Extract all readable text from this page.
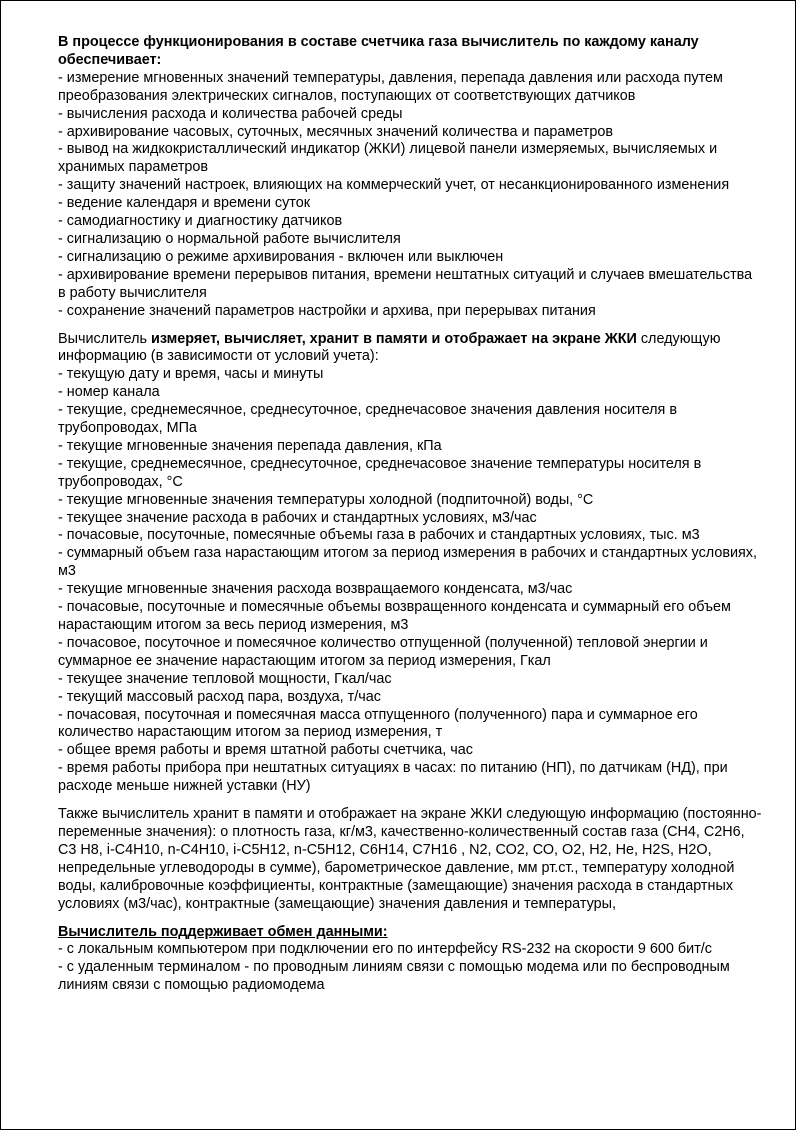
В процессе функционирования в составе счетчика газа вычислитель по каждому каналу обеспечивает:
- измерение мгновенных значений температуры, давления, перепада давления или расхода путем преобразования электрических сигналов, поступающих от соответствующих датчиков
- вычисления расхода и количества рабочей среды
- архивирование часовых, суточных, месячных значений количества и параметров
- вывод на жидкокристаллический индикатор (ЖКИ) лицевой панели измеряемых, вычисляемых и хранимых параметров
- защиту значений настроек, влияющих на коммерческий учет, от несанкционированного изменения
- ведение календаря и времени суток
- самодиагностику и диагностику датчиков
- сигнализацию о нормальной работе вычислителя
- сигнализацию о режиме архивирования - включен или выключен
- архивирование времени перерывов питания, времени нештатных ситуаций и случаев вмешательства в работу вычислителя
- сохранение значений параметров настройки и архива, при перерывах питания
Вычислитель измеряет, вычисляет, хранит в памяти и отображает на экране ЖКИ следующую информацию (в зависимости от условий учета):
- текущую дату и время, часы и минуты
- номер канала
- текущие, среднемесячное, среднесуточное, среднечасовое значения давления носителя в трубопроводах, МПа
- текущие мгновенные значения перепада давления, кПа
- текущие, среднемесячное, среднесуточное, среднечасовое значение температуры носителя в трубопроводах, °С
- текущие мгновенные значения температуры холодной (подпиточной) воды, °С
- текущее значение расхода в рабочих и стандартных условиях, м3/час
- почасовые, посуточные, помесячные объемы газа в рабочих и стандартных условиях, тыс. м3
- суммарный объем газа нарастающим итогом за период измерения в рабочих и стандартных условиях, м3
- текущие мгновенные значения расхода возвращаемого конденсата, м3/час
- почасовые, посуточные и помесячные объемы возвращенного конденсата и суммарный его объем нарастающим итогом за весь период измерения, м3
- почасовое, посуточное и помесячное количество отпущенной (полученной) тепловой энергии и суммарное ее значение нарастающим итогом за период измерения, Гкал
- текущее значение тепловой мощности, Гкал/час
- текущий массовый расход пара, воздуха, т/час
- почасовая, посуточная и помесячная масса отпущенного (полученного) пара и суммарное его количество нарастающим итогом за период измерения, т
- общее время работы и время штатной работы счетчика, час
- время работы прибора при нештатных ситуациях в часах: по питанию (НП), по датчикам (НД), при расходе меньше нижней уставки (НУ)
Также вычислитель хранит в памяти и отображает на экране ЖКИ следующую информацию (постоянно-переменные значения): о плотность газа, кг/м3, качественно-количественный состав газа (СН4, С2Н6, С3 Н8, i-С4Н10, n-С4Н10, i-С5Н12, n-С5Н12, С6Н14, С7Н16 , N2, СО2, СО, О2, Н2, Не, Н2S, Н2О, непредельные углеводороды в сумме), барометрическое давление, мм рт.ст., температуру холодной воды, калибровочные коэффициенты, контрактные (замещающие) значения расхода в стандартных условиях (м3/час), контрактные (замещающие) значения давления и температуры,
Вычислитель поддерживает обмен данными:
- с локальным компьютером при подключении его по интерфейсу RS-232 на скорости 9 600 бит/с
- с удаленным терминалом - по проводным линиям связи с помощью модема или по беспроводным линиям связи с помощью радиомодема
